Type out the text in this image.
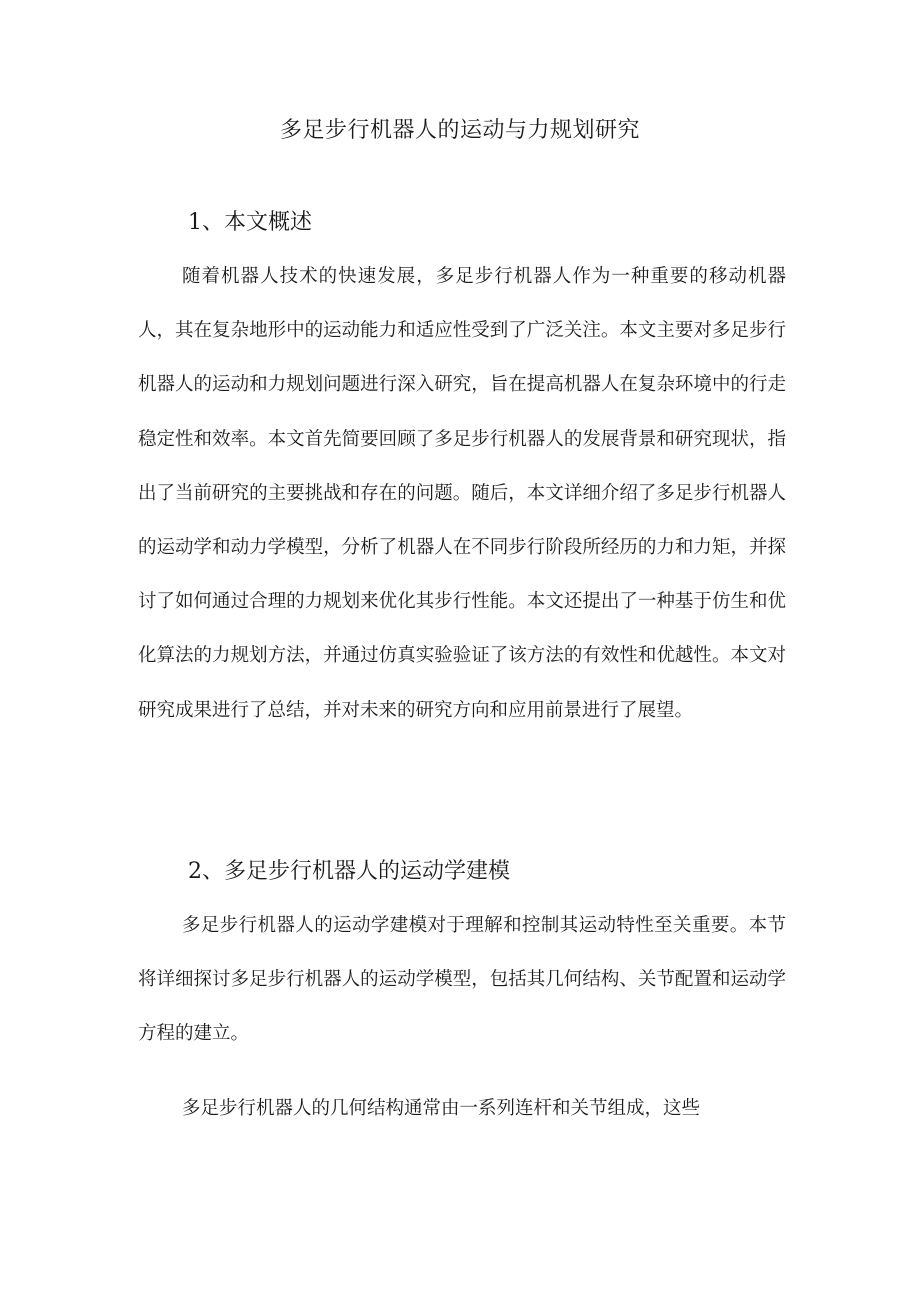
多足步行机器人的运动与力规划研究
1、本文概述

随着机器人技术的快速发展，多足步行机器人作为一种重要的移动机器人，其在复杂地形中的运动能力和适应性受到了广泛关注。本文主要对多足步行机器人的运动和力规划问题进行深入研究，旨在提高机器人在复杂环境中的行走稳定性和效率。本文首先简要回顾了多足步行机器人的发展背景和研究现状，指出了当前研究的主要挑战和存在的问题。随后，本文详细介绍了多足步行机器人的运动学和动力学模型，分析了机器人在不同步行阶段所经历的力和力矩，并探讨了如何通过合理的力规划来优化其步行性能。本文还提出了一种基于仿生和优化算法的力规划方法，并通过仿真实验验证了该方法的有效性和优越性。本文对研究成果进行了总结，并对未来的研究方向和应用前景进行了展望。

2、多足步行机器人的运动学建模

多足步行机器人的运动学建模对于理解和控制其运动特性至关重要。本节将详细探讨多足步行机器人的运动学模型，包括其几何结构、关节配置和运动学方程的建立。

多足步行机器人的几何结构通常由一系列连杆和关节组成，这些
